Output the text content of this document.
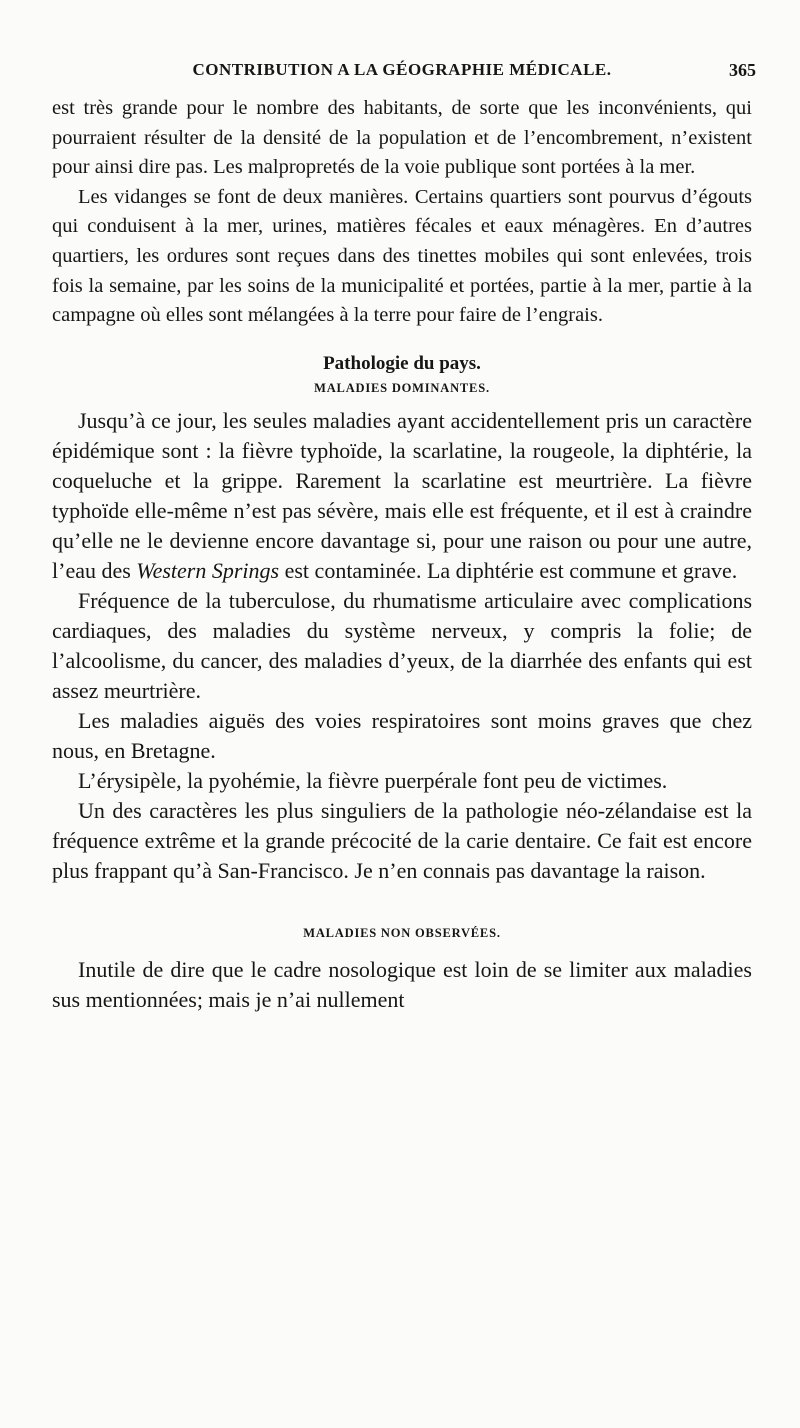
CONTRIBUTION A LA GÉOGRAPHIE MÉDICALE.	365

est très grande pour le nombre des habitants, de sorte que les inconvénients, qui pourraient résulter de la densité de la population et de l’encombrement, n’existent pour ainsi dire pas. Les malpropretés de la voie publique sont portées à la mer.

Les vidanges se font de deux manières. Certains quartiers sont pourvus d’égouts qui conduisent à la mer, urines, matières fécales et eaux ménagères. En d’autres quartiers, les ordures sont reçues dans des tinettes mobiles qui sont enlevées, trois fois la semaine, par les soins de la municipalité et portées, partie à la mer, partie à la campagne où elles sont mélangées à la terre pour faire de l’engrais.

Pathologie du pays.
MALADIES DOMINANTES.

Jusqu’à ce jour, les seules maladies ayant accidentellement pris un caractère épidémique sont : la fièvre typhoïde, la scarlatine, la rougeole, la diphtérie, la coqueluche et la grippe. Rarement la scarlatine est meurtrière. La fièvre typhoïde elle-même n’est pas sévère, mais elle est fréquente, et il est à craindre qu’elle ne le devienne encore davantage si, pour une raison ou pour une autre, l’eau des Western Springs est contaminée. La diphtérie est commune et grave.

Fréquence de la tuberculose, du rhumatisme articulaire avec complications cardiaques, des maladies du système nerveux, y compris la folie; de l’alcoolisme, du cancer, des maladies d’yeux, de la diarrhée des enfants qui est assez meurtrière.

Les maladies aiguës des voies respiratoires sont moins graves que chez nous, en Bretagne.

L’érysipèle, la pyohémie, la fièvre puerpérale font peu de victimes.

Un des caractères les plus singuliers de la pathologie néo-zélandaise est la fréquence extrême et la grande précocité de la carie dentaire. Ce fait est encore plus frappant qu’à San-Francisco. Je n’en connais pas davantage la raison.

MALADIES NON OBSERVÉES.

Inutile de dire que le cadre nosologique est loin de se limiter aux maladies sus mentionnées; mais je n’ai nullement
